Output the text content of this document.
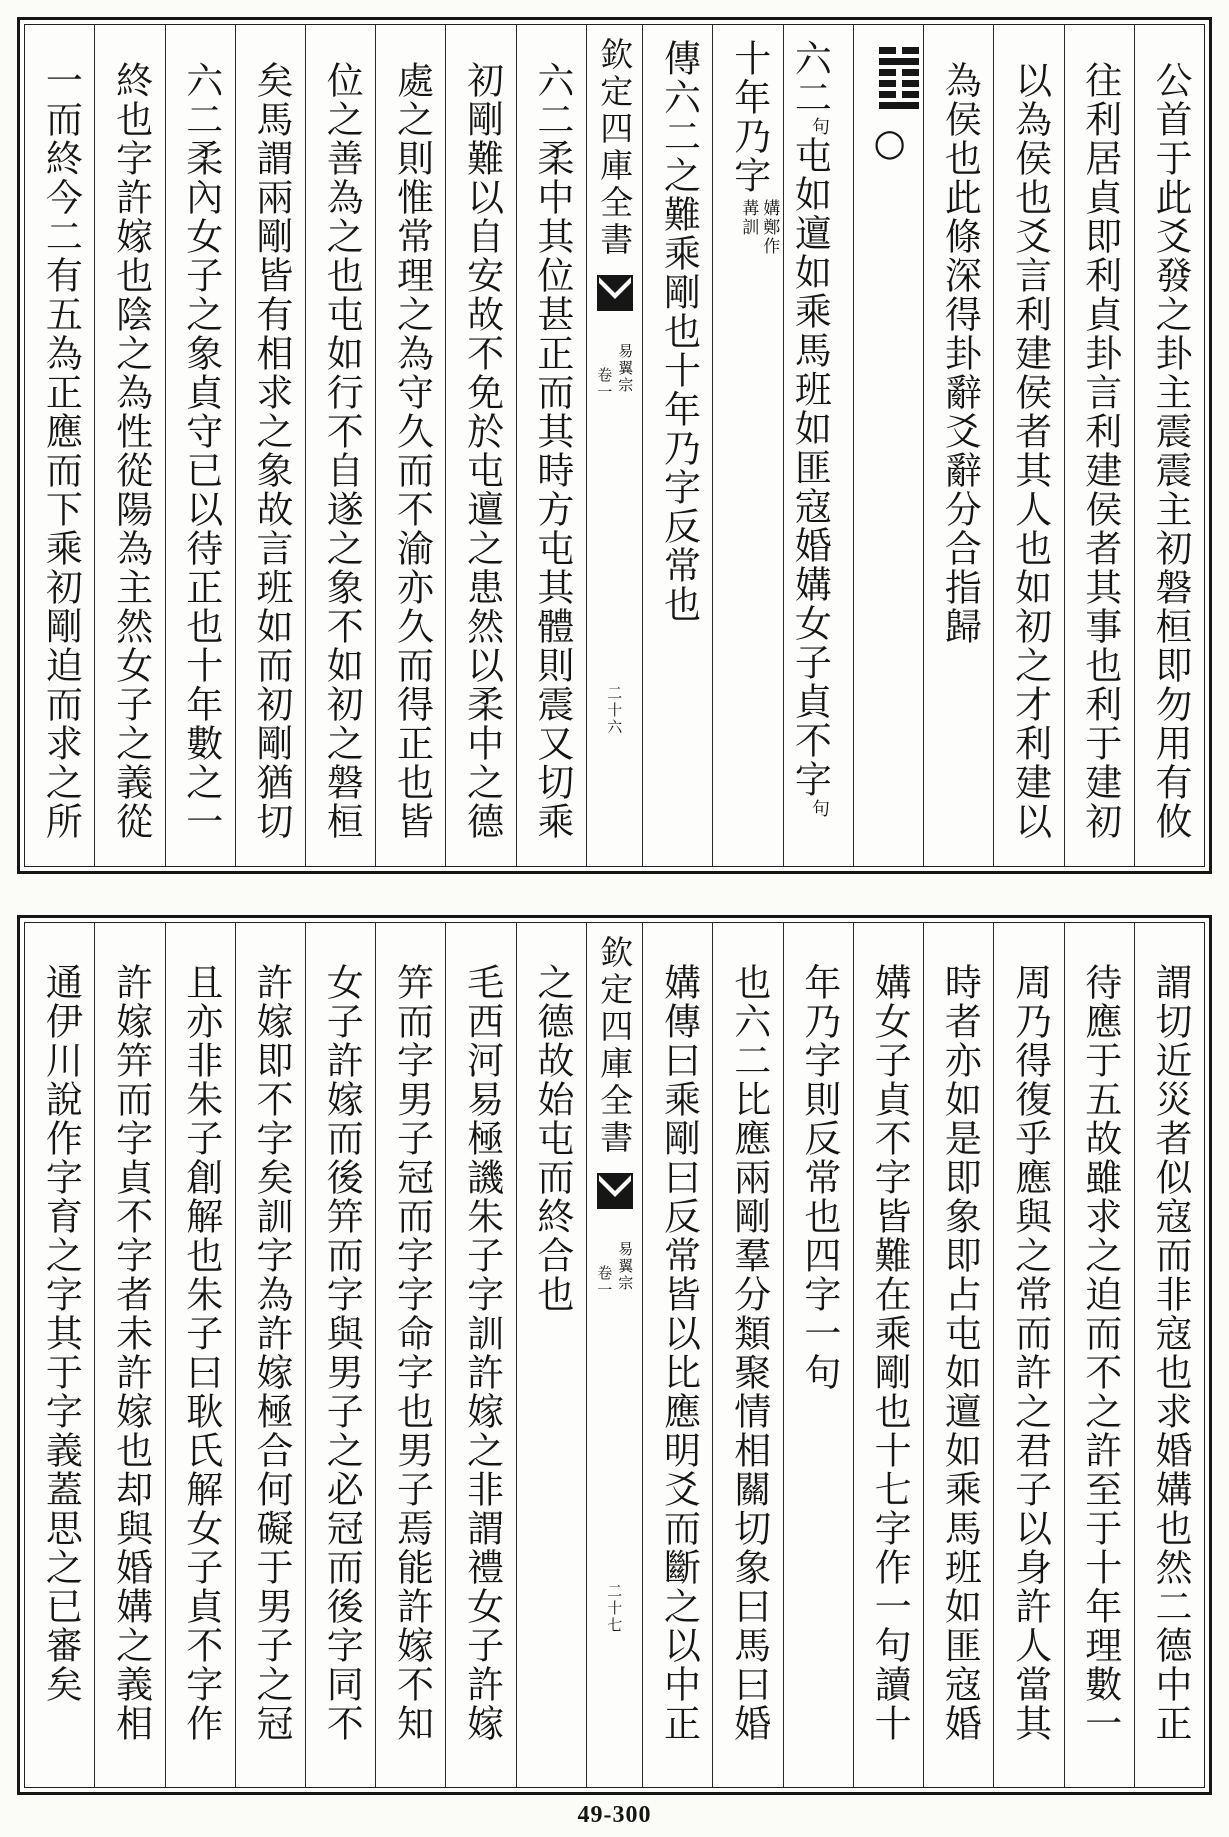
公首于此爻發之卦主震震主初磐桓即勿用有攸
往利居貞即利貞卦言利建侯者其事也利于建初
以為侯也爻言利建侯者其人也如初之才利建以
為侯也此條深得卦辭爻辭分合指歸
○
六二句屯如邅如乘馬班如匪寇婚媾女子貞不字句
十年乃字
媾鄭作
冓訓
傳六二之難乘剛也十年乃字反常也
欽定四庫全書
易翼宗
卷一
二十六
六二柔中其位甚正而其時方屯其體則震又切乘
初剛難以自安故不免於屯邅之患然以柔中之德
處之則惟常理之為守久而不渝亦久而得正也皆
位之善為之也屯如行不自遂之象不如初之磐桓
矣馬謂兩剛皆有相求之象故言班如而初剛猶切
六二柔內女子之象貞守已以待正也十年數之一
終也字許嫁也陰之為性從陽為主然女子之義從
一而終今二有五為正應而下乘初剛迫而求之所
謂切近災者似寇而非寇也求婚媾也然二德中正
待應于五故雖求之迫而不之許至于十年理數一
周乃得復乎應與之常而許之君子以身許人當其
時者亦如是即象即占屯如邅如乘馬班如匪寇婚
媾女子貞不字皆難在乘剛也十七字作一句讀十
年乃字則反常也四字一句
也六二比應兩剛羣分類聚情相關切象曰馬曰婚
媾傳曰乘剛曰反常皆以比應明爻而斷之以中正
欽定四庫全書
易翼宗
卷一
二十七
之德故始屯而終合也
毛西河易極譏朱子字訓許嫁之非謂禮女子許嫁
笄而字男子冠而字字命字也男子焉能許嫁不知
女子許嫁而後笄而字與男子之必冠而後字同不
許嫁即不字矣訓字為許嫁極合何礙于男子之冠
且亦非朱子創解也朱子曰耿氏解女子貞不字作
許嫁笄而字貞不字者未許嫁也却與婚媾之義相
通伊川說作字育之字其于字義蓋思之已審矣
49-300
